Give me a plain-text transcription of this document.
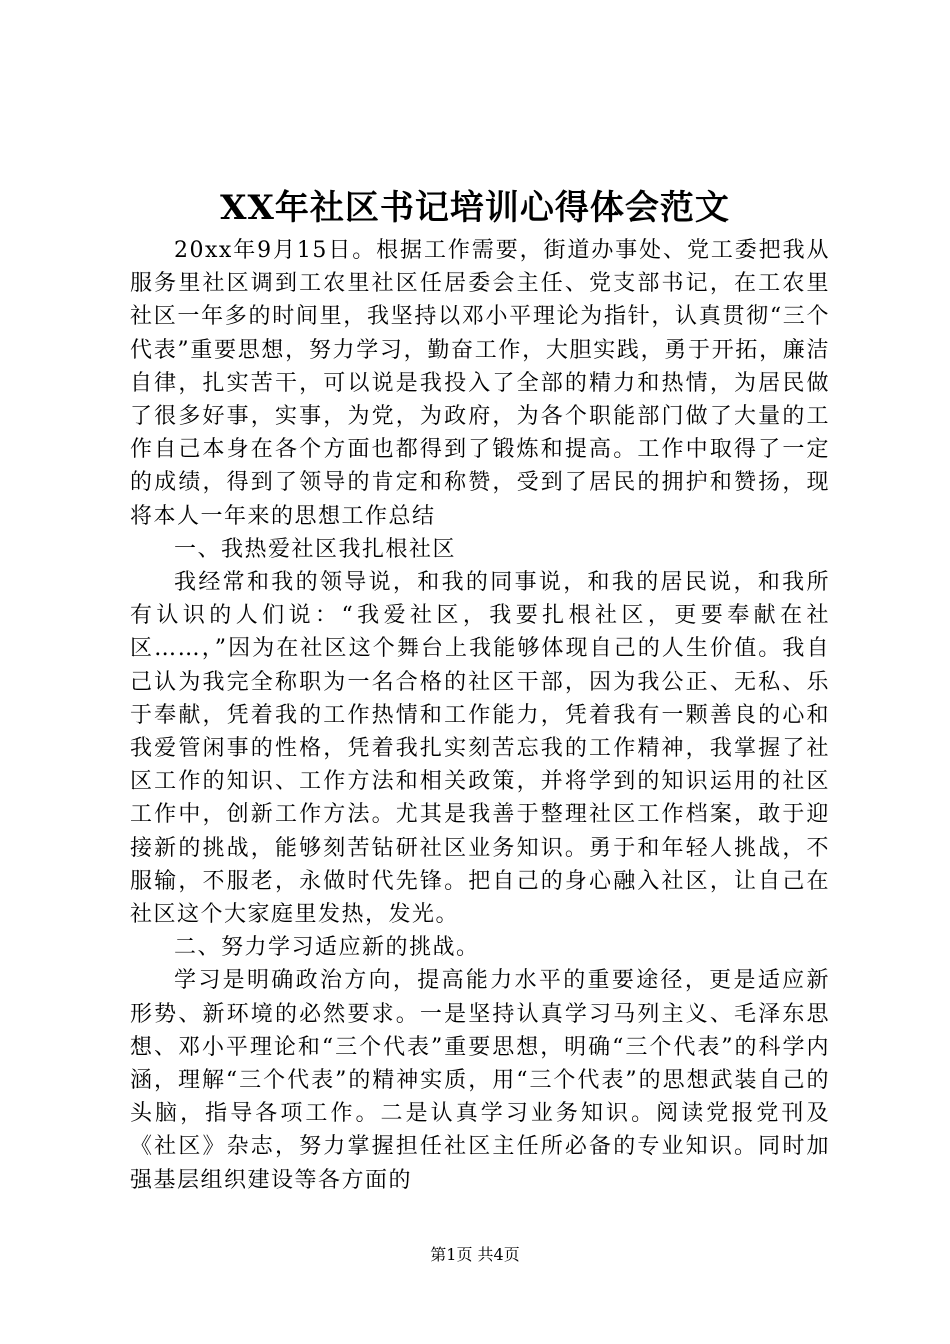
XX年社区书记培训心得体会范文

20xx年9月15日。根据工作需要，街道办事处、党工委把我从服务里社区调到工农里社区任居委会主任、党支部书记，在工农里社区一年多的时间里，我坚持以邓小平理论为指针，认真贯彻“三个代表”重要思想，努力学习，勤奋工作，大胆实践，勇于开拓，廉洁自律，扎实苦干，可以说是我投入了全部的精力和热情，为居民做了很多好事，实事，为党，为政府，为各个职能部门做了大量的工作自己本身在各个方面也都得到了锻炼和提高。工作中取得了一定的成绩，得到了领导的肯定和称赞，受到了居民的拥护和赞扬，现将本人一年来的思想工作总结

一、我热爱社区我扎根社区

我经常和我的领导说，和我的同事说，和我的居民说，和我所有认识的人们说：“我爱社区，我要扎根社区，更要奉献在社区……，”因为在社区这个舞台上我能够体现自己的人生价值。我自己认为我完全称职为一名合格的社区干部，因为我公正、无私、乐于奉献，凭着我的工作热情和工作能力，凭着我有一颗善良的心和我爱管闲事的性格，凭着我扎实刻苦忘我的工作精神，我掌握了社区工作的知识、工作方法和相关政策，并将学到的知识运用的社区工作中，创新工作方法。尤其是我善于整理社区工作档案，敢于迎接新的挑战，能够刻苦钻研社区业务知识。勇于和年轻人挑战，不服输，不服老，永做时代先锋。把自己的身心融入社区，让自己在社区这个大家庭里发热，发光。

二、努力学习适应新的挑战。

学习是明确政治方向，提高能力水平的重要途径，更是适应新形势、新环境的必然要求。一是坚持认真学习马列主义、毛泽东思想、邓小平理论和“三个代表”重要思想，明确“三个代表”的科学内涵，理解“三个代表”的精神实质，用“三个代表”的思想武装自己的头脑，指导各项工作。二是认真学习业务知识。阅读党报党刊及《社区》杂志，努力掌握担任社区主任所必备的专业知识。同时加强基层组织建设等各方面的

第1页 共4页
